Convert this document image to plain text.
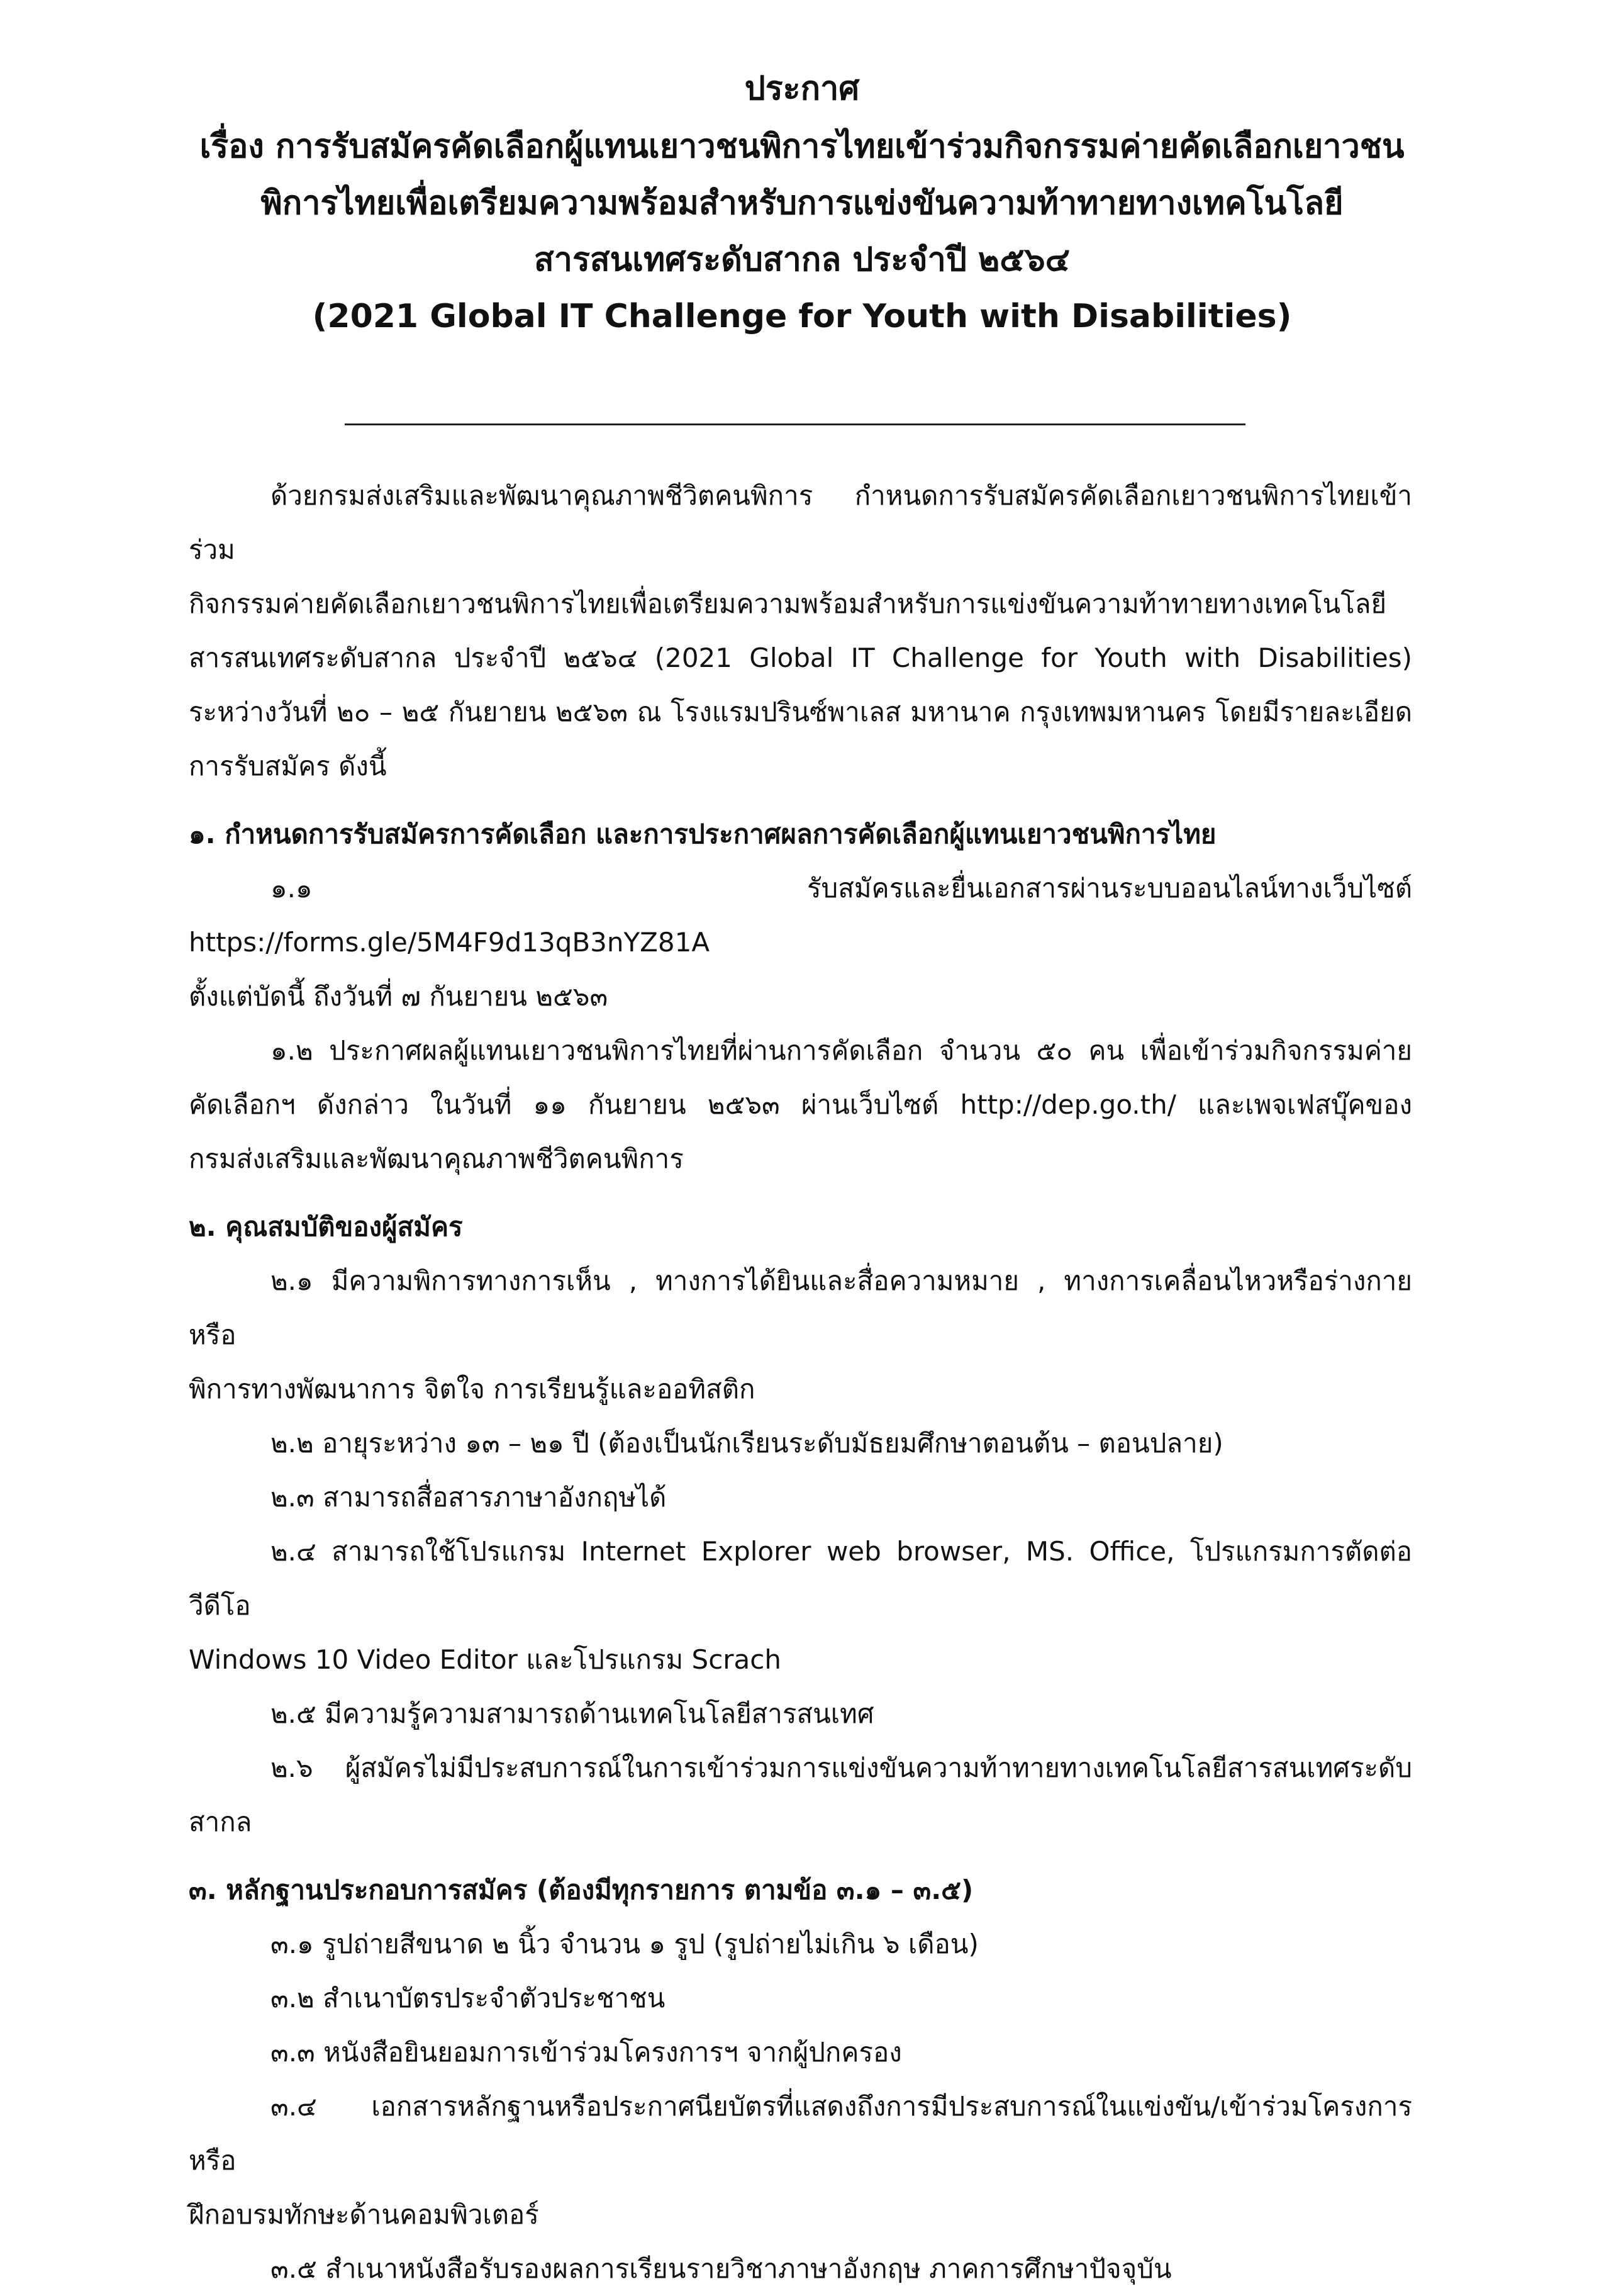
ประกาศ
เรื่อง การรับสมัครคัดเลือกผู้แทนเยาวชนพิการไทยเข้าร่วมกิจกรรมค่ายคัดเลือกเยาวชน
พิการไทยเพื่อเตรียมความพร้อมสำหรับการแข่งขันความท้าทายทางเทคโนโลยี
สารสนเทศระดับสากล ประจำปี ๒๕๖๔
(2021 Global IT Challenge for Youth with Disabilities)
ด้วยกรมส่งเสริมและพัฒนาคุณภาพชีวิตคนพิการ กำหนดการรับสมัครคัดเลือกเยาวชนพิการไทยเข้าร่วม
กิจกรรมค่ายคัดเลือกเยาวชนพิการไทยเพื่อเตรียมความพร้อมสำหรับการแข่งขันความท้าทายทางเทคโนโลยี
สารสนเทศระดับสากล ประจำปี ๒๕๖๔ (2021 Global IT Challenge for Youth with Disabilities)
ระหว่างวันที่ ๒๐ – ๒๕ กันยายน ๒๕๖๓ ณ โรงแรมปรินซ์พาเลส มหานาค กรุงเทพมหานคร โดยมีรายละเอียด
การรับสมัคร ดังนี้
๑. กำหนดการรับสมัครการคัดเลือก และการประกาศผลการคัดเลือกผู้แทนเยาวชนพิการไทย
๑.๑ รับสมัครและยื่นเอกสารผ่านระบบออนไลน์ทางเว็บไซต์ https://forms.gle/5M4F9d13qB3nYZ81A
ตั้งแต่บัดนี้ ถึงวันที่ ๗ กันยายน ๒๕๖๓
๑.๒ ประกาศผลผู้แทนเยาวชนพิการไทยที่ผ่านการคัดเลือก จำนวน ๕๐ คน เพื่อเข้าร่วมกิจกรรมค่าย
คัดเลือกฯ ดังกล่าว ในวันที่ ๑๑ กันยายน ๒๕๖๓ ผ่านเว็บไซต์ http://dep.go.th/ และเพจเฟสบุ๊คของ
กรมส่งเสริมและพัฒนาคุณภาพชีวิตคนพิการ
๒. คุณสมบัติของผู้สมัคร
๒.๑ มีความพิการทางการเห็น , ทางการได้ยินและสื่อความหมาย , ทางการเคลื่อนไหวหรือร่างกาย หรือ
พิการทางพัฒนาการ จิตใจ การเรียนรู้และออทิสติก
๒.๒ อายุระหว่าง ๑๓ – ๒๑ ปี (ต้องเป็นนักเรียนระดับมัธยมศึกษาตอนต้น – ตอนปลาย)
๒.๓ สามารถสื่อสารภาษาอังกฤษได้
๒.๔ สามารถใช้โปรแกรม Internet Explorer web browser, MS. Office, โปรแกรมการตัดต่อวีดีโอ
Windows 10 Video Editor และโปรแกรม Scrach
๒.๕ มีความรู้ความสามารถด้านเทคโนโลยีสารสนเทศ
๒.๖ ผู้สมัครไม่มีประสบการณ์ในการเข้าร่วมการแข่งขันความท้าทายทางเทคโนโลยีสารสนเทศระดับสากล
๓. หลักฐานประกอบการสมัคร (ต้องมีทุกรายการ ตามข้อ ๓.๑ – ๓.๕)
๓.๑ รูปถ่ายสีขนาด ๒ นิ้ว จำนวน ๑ รูป (รูปถ่ายไม่เกิน ๖ เดือน)
๓.๒ สำเนาบัตรประจำตัวประชาชน
๓.๓ หนังสือยินยอมการเข้าร่วมโครงการฯ จากผู้ปกครอง
๓.๔ เอกสารหลักฐานหรือประกาศนียบัตรที่แสดงถึงการมีประสบการณ์ในแข่งขัน/เข้าร่วมโครงการหรือ
ฝึกอบรมทักษะด้านคอมพิวเตอร์
๓.๕ สำเนาหนังสือรับรองผลการเรียนรายวิชาภาษาอังกฤษ ภาคการศึกษาปัจจุบัน
